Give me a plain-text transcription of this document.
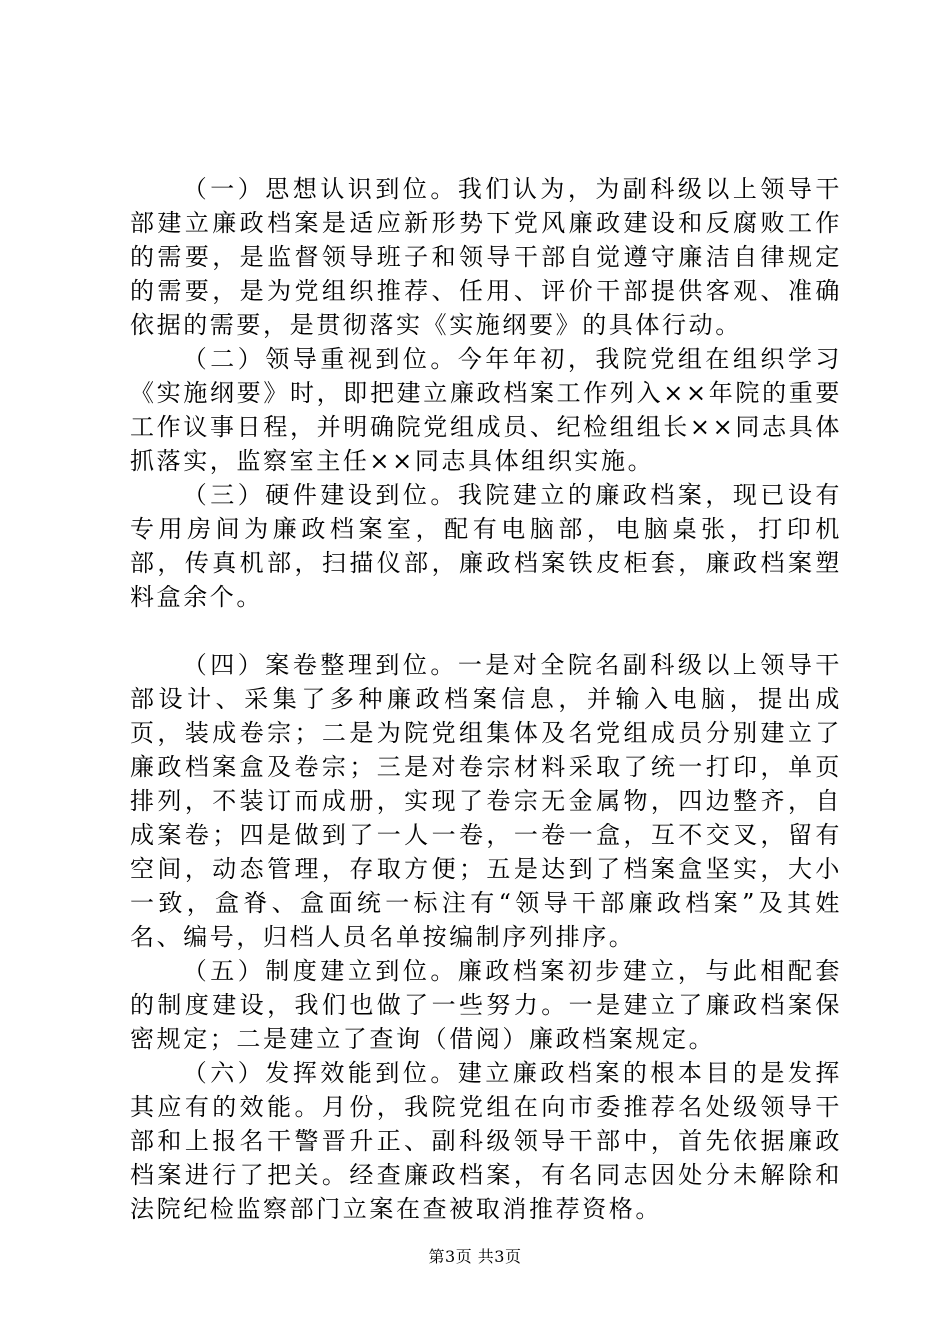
（一）思想认识到位。我们认为，为副科级以上领导干部建立廉政档案是适应新形势下党风廉政建设和反腐败工作的需要，是监督领导班子和领导干部自觉遵守廉洁自律规定的需要，是为党组织推荐、任用、评价干部提供客观、准确依据的需要，是贯彻落实《实施纲要》的具体行动。

（二）领导重视到位。今年年初，我院党组在组织学习《实施纲要》时，即把建立廉政档案工作列入××年院的重要工作议事日程，并明确院党组成员、纪检组组长××同志具体抓落实，监察室主任××同志具体组织实施。

（三）硬件建设到位。我院建立的廉政档案，现已设有专用房间为廉政档案室，配有电脑部，电脑桌张，打印机部，传真机部，扫描仪部，廉政档案铁皮柜套，廉政档案塑料盒余个。

（四）案卷整理到位。一是对全院名副科级以上领导干部设计、采集了多种廉政档案信息，并输入电脑，提出成页，装成卷宗；二是为院党组集体及名党组成员分别建立了廉政档案盒及卷宗；三是对卷宗材料采取了统一打印，单页排列，不装订而成册，实现了卷宗无金属物，四边整齐，自成案卷；四是做到了一人一卷，一卷一盒，互不交叉，留有空间，动态管理，存取方便；五是达到了档案盒坚实，大小一致，盒脊、盒面统一标注有“领导干部廉政档案”及其姓名、编号，归档人员名单按编制序列排序。

（五）制度建立到位。廉政档案初步建立，与此相配套的制度建设，我们也做了一些努力。一是建立了廉政档案保密规定；二是建立了查询（借阅）廉政档案规定。

（六）发挥效能到位。建立廉政档案的根本目的是发挥其应有的效能。月份，我院党组在向市委推荐名处级领导干部和上报名干警晋升正、副科级领导干部中，首先依据廉政档案进行了把关。经查廉政档案，有名同志因处分未解除和法院纪检监察部门立案在查被取消推荐资格。

第3页 共3页
